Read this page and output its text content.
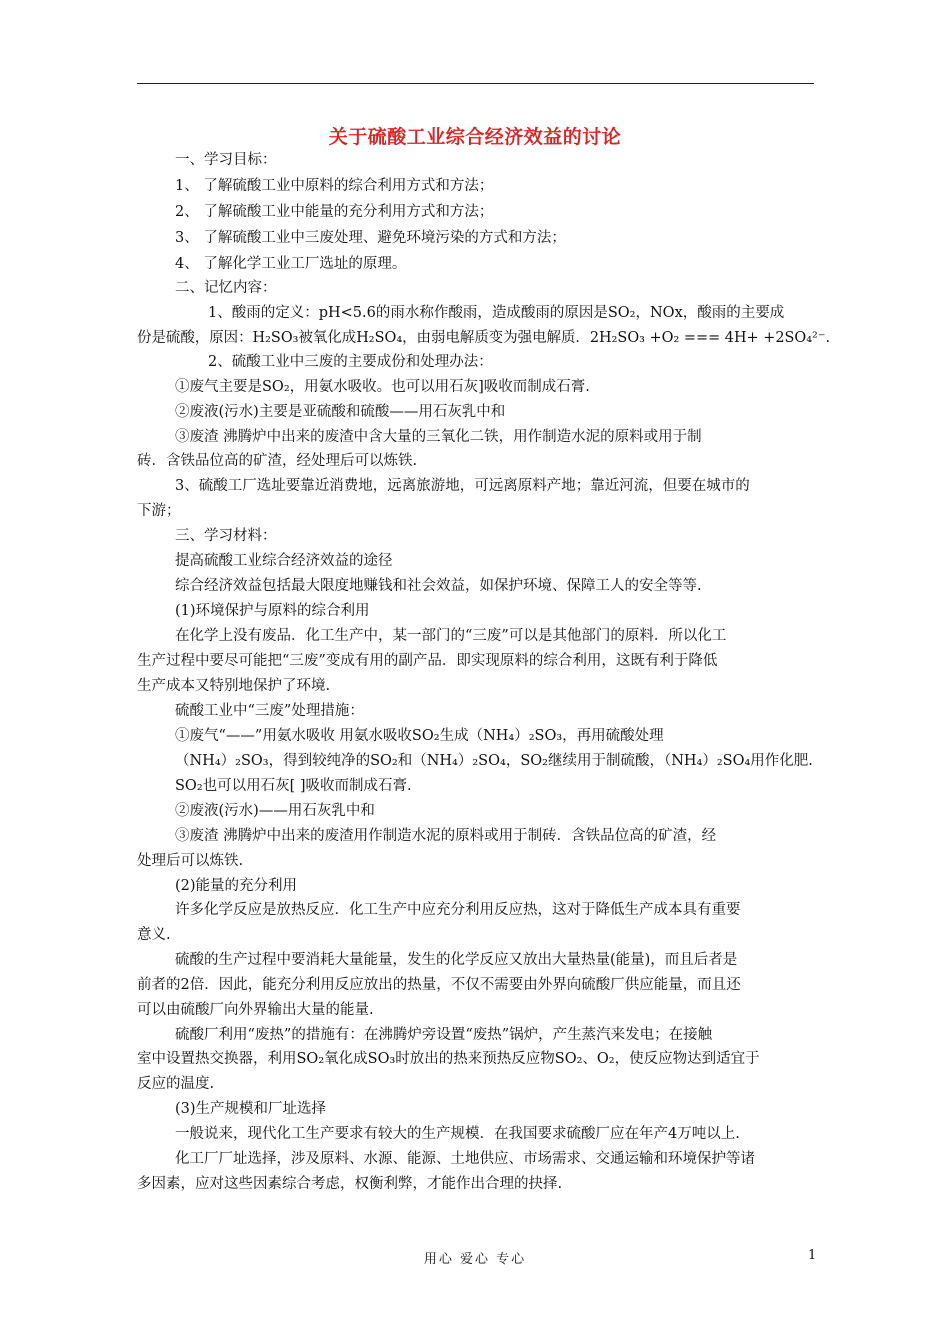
关于硫酸工业综合经济效益的讨论
一、学习目标：
1、 了解硫酸工业中原料的综合利用方式和方法；
2、 了解硫酸工业中能量的充分利用方式和方法；
3、 了解硫酸工业中三废处理、避免环境污染的方式和方法；
4、 了解化学工业工厂选址的原理。
二、记忆内容：
1、酸雨的定义：pH<5.6的雨水称作酸雨，造成酸雨的原因是SO₂，NOx，酸雨的主要成
份是硫酸，原因：H₂SO₃被氧化成H₂SO₄，由弱电解质变为强电解质．2H₂SO₃ +O₂ === 4H+ +2SO₄²⁻.
2、硫酸工业中三废的主要成份和处理办法：
①废气主要是SO₂，用氨水吸收。也可以用石灰]吸收而制成石膏.
②废液(污水)主要是亚硫酸和硫酸——用石灰乳中和
③废渣 沸腾炉中出来的废渣中含大量的三氧化二铁，用作制造水泥的原料或用于制
砖．含铁品位高的矿渣，经处理后可以炼铁.
3、硫酸工厂选址要靠近消费地，远离旅游地，可远离原料产地；靠近河流，但要在城市的
下游；
三、学习材料：
提高硫酸工业综合经济效益的途径
综合经济效益包括最大限度地赚钱和社会效益，如保护环境、保障工人的安全等等.
(1)环境保护与原料的综合利用
在化学上没有废品．化工生产中，某一部门的“三废”可以是其他部门的原料．所以化工
生产过程中要尽可能把“三废”变成有用的副产品．即实现原料的综合利用，这既有利于降低
生产成本又特别地保护了环境.
硫酸工业中“三废”处理措施：
①废气“——”用氨水吸收 用氨水吸收SO₂生成（NH₄）₂SO₃，再用硫酸处理
（NH₄）₂SO₃，得到较纯净的SO₂和（NH₄）₂SO₄，SO₂继续用于制硫酸，（NH₄）₂SO₄用作化肥.
SO₂也可以用石灰[ ]吸收而制成石膏.
②废液(污水)——用石灰乳中和
③废渣 沸腾炉中出来的废渣用作制造水泥的原料或用于制砖．含铁品位高的矿渣，经
处理后可以炼铁.
(2)能量的充分利用
许多化学反应是放热反应．化工生产中应充分利用反应热，这对于降低生产成本具有重要
意义.
硫酸的生产过程中要消耗大量能量，发生的化学反应又放出大量热量(能量)，而且后者是
前者的2倍．因此，能充分利用反应放出的热量，不仅不需要由外界向硫酸厂供应能量，而且还
可以由硫酸厂向外界输出大量的能量.
硫酸厂利用“废热”的措施有：在沸腾炉旁设置“废热”锅炉，产生蒸汽来发电；在接触
室中设置热交换器，利用SO₂氧化成SO₃时放出的热来预热反应物SO₂、O₂，使反应物达到适宜于
反应的温度.
(3)生产规模和厂址选择
一般说来，现代化工生产要求有较大的生产规模．在我国要求硫酸厂应在年产4万吨以上.
化工厂厂址选择，涉及原料、水源、能源、土地供应、市场需求、交通运输和环境保护等诸
多因素，应对这些因素综合考虑，权衡利弊，才能作出合理的抉择.
用心 爱心 专心	1
